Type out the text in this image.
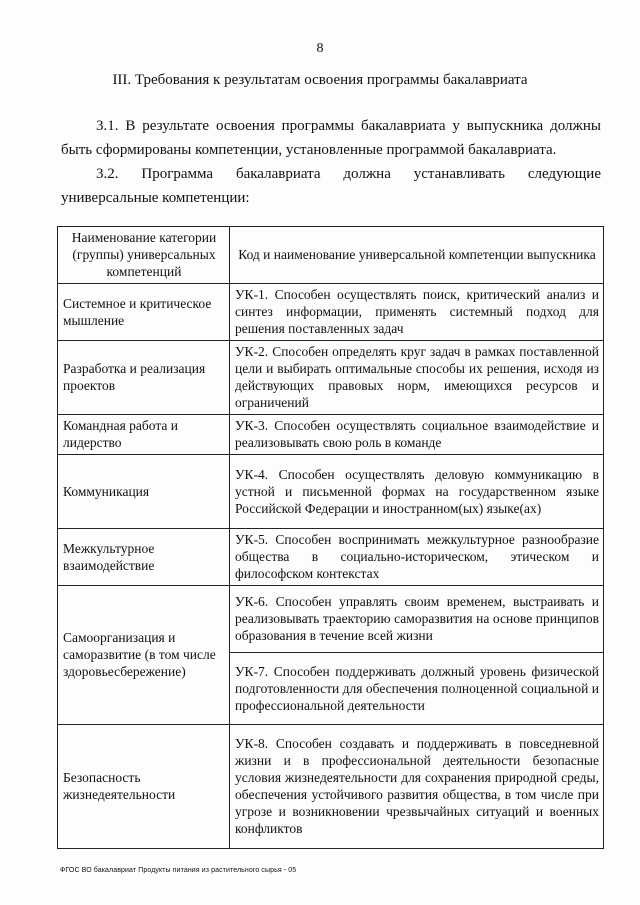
8
III. Требования к результатам освоения программы бакалавриата

3.1. В результате освоения программы бакалавриата у выпускника должны быть сформированы компетенции, установленные программой бакалавриата.

3.2. Программа бакалавриата должна устанавливать следующие универсальные компетенции:

Наименование категории (группы) универсальных компетенций	Код и наименование универсальной компетенции выпускника
Системное и критическое мышление	УК-1. Способен осуществлять поиск, критический анализ и синтез информации, применять системный подход для решения поставленных задач
Разработка и реализация проектов	УК-2. Способен определять круг задач в рамках поставленной цели и выбирать оптимальные способы их решения, исходя из действующих правовых норм, имеющихся ресурсов и ограничений
Командная работа и лидерство	УК-3. Способен осуществлять социальное взаимодействие и реализовывать свою роль в команде
Коммуникация	УК-4. Способен осуществлять деловую коммуникацию в устной и письменной формах на государственном языке Российской Федерации и иностранном(ых) языке(ах)
Межкультурное взаимодействие	УК-5. Способен воспринимать межкультурное разнообразие общества в социально-историческом, этическом и философском контекстах
Самоорганизация и саморазвитие (в том числе здоровьесбережение)	УК-6. Способен управлять своим временем, выстраивать и реализовывать траекторию саморазвития на основе принципов образования в течение всей жизни
	УК-7. Способен поддерживать должный уровень физической подготовленности для обеспечения полноценной социальной и профессиональной деятельности
Безопасность жизнедеятельности	УК-8. Способен создавать и поддерживать в повседневной жизни и в профессиональной деятельности безопасные условия жизнедеятельности для сохранения природной среды, обеспечения устойчивого развития общества, в том числе при угрозе и возникновении чрезвычайных ситуаций и военных конфликтов
ФГОС ВО бакалавриат Продукты питания из растительного сырья - 05
